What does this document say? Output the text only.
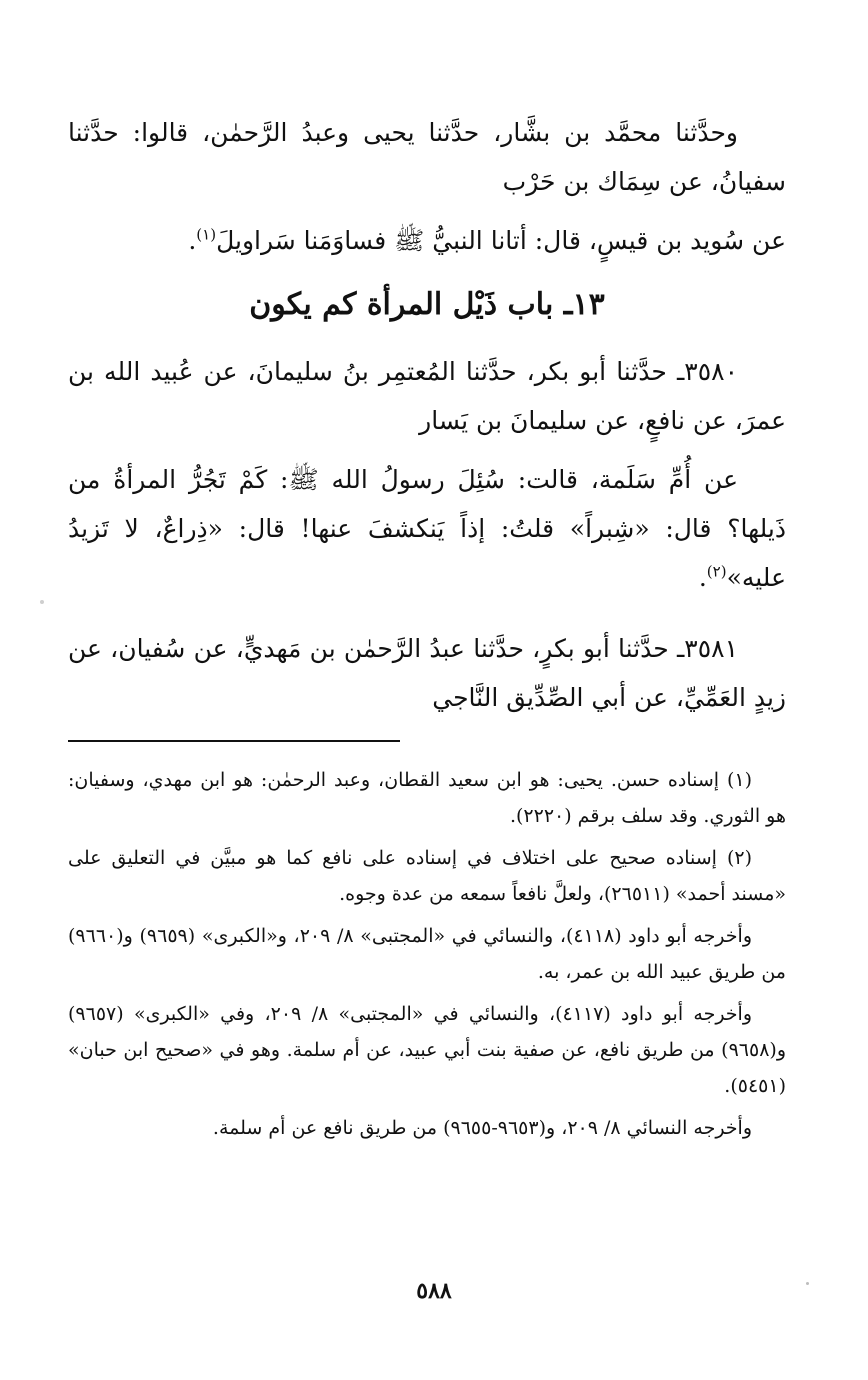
وحدَّثنا محمَّد بن بشَّار، حدَّثنا يحيى وعبدُ الرَّحمٰن، قالوا: حدَّثنا سفيانُ، عن سِمَاك بن حَرْب

عن سُويد بن قيسٍ، قال: أتانا النبيُّ ﷺ فساوَمَنا سَراويلَ$^{(١)}$.

١٣ـ باب ذَيْل المرأة كم يكون

٣٥٨٠ـ حدَّثنا أبو بكر، حدَّثنا المُعتمِر بنُ سليمانَ، عن عُبيد الله بن عمرَ، عن نافعٍ، عن سليمانَ بن يَسار

عن أُمِّ سَلَمة، قالت: سُئِلَ رسولُ الله ﷺ: كَمْ تَجُرُّ المرأةُ من ذَيلها؟ قال: «شِبراً» قلتُ: إذاً يَنكشفَ عنها! قال: «ذِراعٌ، لا تَزيدُ عليه»$^{(٢)}$.

٣٥٨١ـ حدَّثنا أبو بكرٍ، حدَّثنا عبدُ الرَّحمٰن بن مَهديٍّ، عن سُفيان، عن زيدٍ العَمِّيِّ، عن أبي الصِّدِّيق النَّاجي

(١) إسناده حسن. يحيى: هو ابن سعيد القطان، وعبد الرحمٰن: هو ابن مهدي، وسفيان: هو الثوري. وقد سلف برقم (٢٢٢٠).

(٢) إسناده صحيح على اختلاف في إسناده على نافع كما هو مبيَّن في التعليق على «مسند أحمد» (٢٦٥١١)، ولعلَّ نافعاً سمعه من عدة وجوه.

وأخرجه أبو داود (٤١١٨)، والنسائي في «المجتبى» ٨/ ٢٠٩، و«الكبرى» (٩٦٥٩) و(٩٦٦٠) من طريق عبيد الله بن عمر، به.

وأخرجه أبو داود (٤١١٧)، والنسائي في «المجتبى» ٨/ ٢٠٩، وفي «الكبرى» (٩٦٥٧) و(٩٦٥٨) من طريق نافع، عن صفية بنت أبي عبيد، عن أم سلمة. وهو في «صحيح ابن حبان» (٥٤٥١).

وأخرجه النسائي ٨/ ٢٠٩، و(٩٦٥٣-٩٦٥٥) من طريق نافع عن أم سلمة.

٥٨٨
